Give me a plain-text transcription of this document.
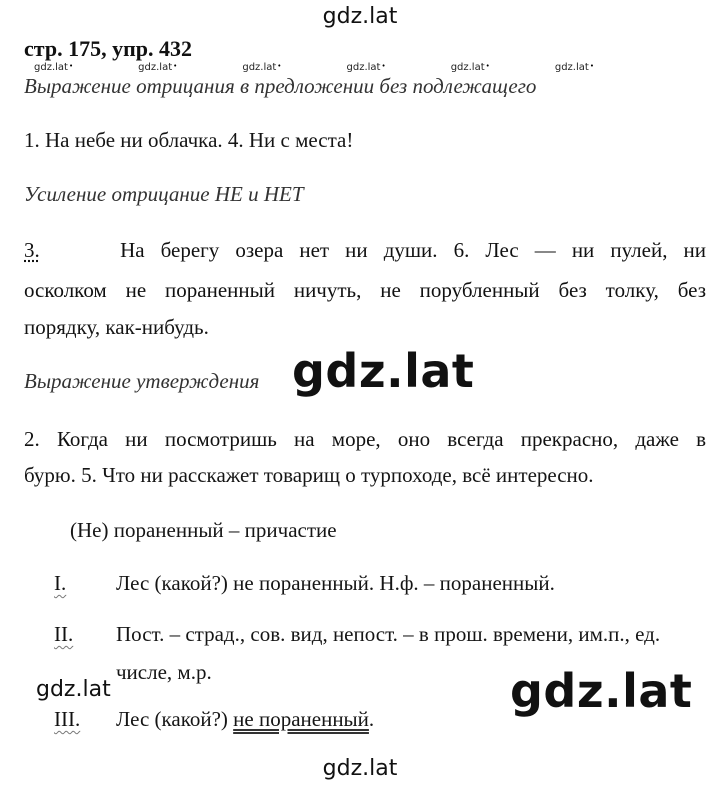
gdz.lat
gdz.lat •	gdz.lat •	gdz.lat •	gdz.lat •	gdz.lat •	gdz.lat •
стр. 175, упр. 432
Выражение отрицания в предложении без подлежащего
1. На небе ни облачка. 4. Ни с места!
Усиление отрицание НЕ и НЕТ
3.	На берегу озера нет ни души. 6. Лес — ни пулей, ни
осколком не пораненный ничуть, не порубленный без толку, без
порядку, как-нибудь.
Выражение утверждения
2. Когда ни посмотришь на море, оно всегда прекрасно, даже в
бурю. 5. Что ни расскажет товарищ о турпоходе, всё интересно.
(Не) пораненный – причастие
I. Лес (какой?) не пораненный. Н.ф. – пораненный.
II. Пост. – страд., сов. вид, непост. – в прош. времени, им.п., ед.
числе, м.р.
III. Лес (какой?) не пораненный.
gdz.lat
gdz.lat	gdz.lat
gdz.lat
